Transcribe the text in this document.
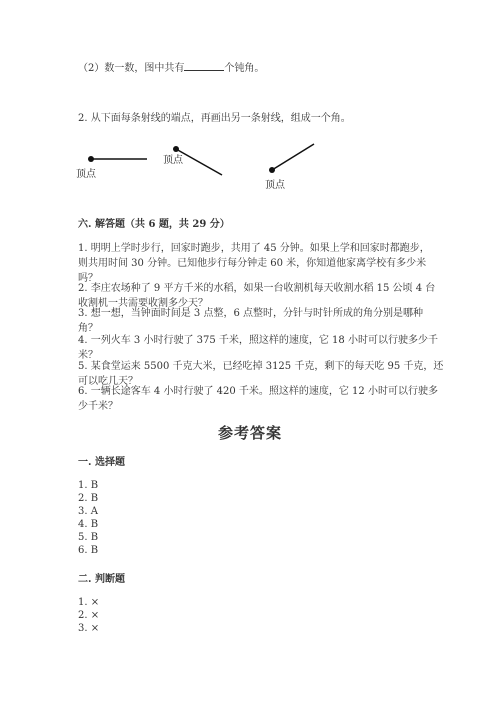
（2）数一数，图中共有	个钝角。
2. 从下面每条射线的端点，再画出另一条射线，组成一个角。
顶点
顶点
顶点
六. 解答题（共 6 题，共 29 分）
1. 明明上学时步行，回家时跑步，共用了 45 分钟。如果上学和回家时都跑步，
则共用时间 30 分钟。已知他步行每分钟走 60 米，你知道他家离学校有多少米
吗？
2. 李庄农场种了 9 平方千米的水稻，如果一台收割机每天收割水稻 15 公顷 4 台
收割机一共需要收割多少天？
3. 想一想，当钟面时间是 3 点整，6 点整时，分针与时针所成的角分别是哪种
角？
4. 一列火车 3 小时行驶了 375 千米，照这样的速度，它 18 小时可以行驶多少千
米？
5. 某食堂运来 5500 千克大米，已经吃掉 3125 千克，剩下的每天吃 95 千克，还
可以吃几天？
6. 一辆长途客车 4 小时行驶了 420 千米。照这样的速度，它 12 小时可以行驶多
少千米？
参考答案
一. 选择题
1. B
2. B
3. A
4. B
5. B
6. B
二. 判断题
1. ×
2. ×
3. ×
